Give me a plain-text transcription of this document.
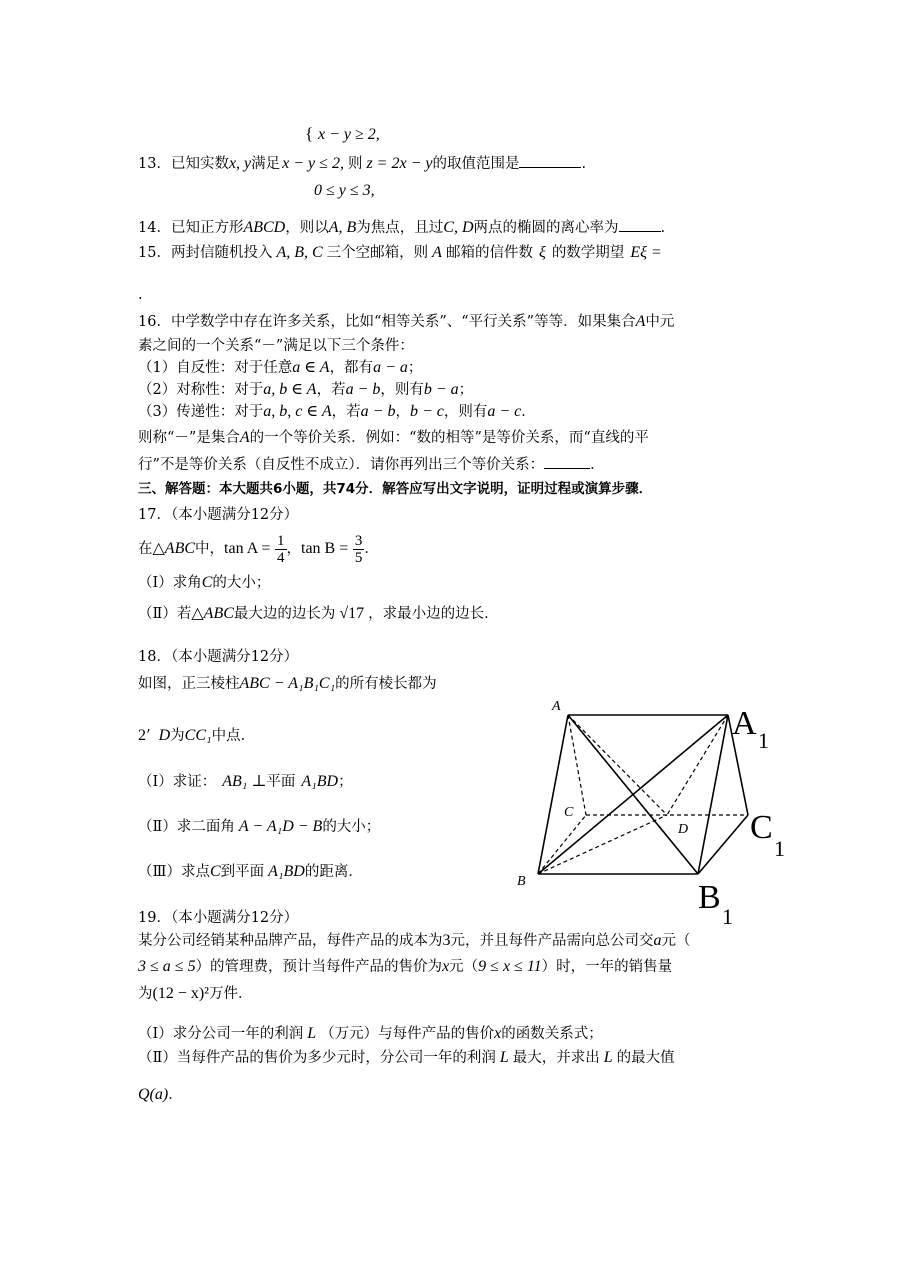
{ x − y ≥ 2,
13．已知实数x, y满足 x − y ≤ 2, 则 z = 2x − y的取值范围是	.
0 ≤ y ≤ 3,
14．已知正方形ABCD，则以A, B为焦点，且过C, D两点的椭圆的离心率为	.
15．两封信随机投入 A, B, C 三个空邮箱，则 A 邮箱的信件数 ξ 的数学期望 Eξ =
.
16．中学数学中存在许多关系，比如“相等关系”、“平行关系”等等．如果集合A中元
素之间的一个关系“－”满足以下三个条件：
（1）自反性：对于任意a ∈ A，都有a − a；
（2）对称性：对于a, b ∈ A，若a − b，则有b − a；
（3）传递性：对于a, b, c ∈ A，若a − b，b − c，则有a − c．
则称“－”是集合A的一个等价关系．例如：“数的相等”是等价关系，而“直线的平
行”不是等价关系（自反性不成立）．请你再列出三个等价关系：	．
三、解答题：本大题共6小题，共74分．解答应写出文字说明，证明过程或演算步骤．
17．（本小题满分12分）
在△ABC中，$\tan A = \frac{1}{4}$ ，$\tan B = \frac{3}{5}$ ．
（Ⅰ）求角C的大小；
（Ⅱ）若△ABC最大边的边长为 √17 ，求最小边的边长．
18．（本小题满分12分）
如图，正三棱柱ABC − A₁B₁C₁的所有棱长都为
2’ D为CC₁中点．
（Ⅰ）求证： AB₁ ⊥平面 A₁BD；
（Ⅱ）求二面角 A − A₁D − B的大小；
（Ⅲ）求点C到平面 A₁BD的距离．
A	A 1
B	B
1
C	C
1
D
19．（本小题满分12分）
某分公司经销某种品牌产品，每件产品的成本为3元，并且每件产品需向总公司交a元（
3 ≤ a ≤ 5）的管理费，预计当每件产品的售价为x元（9 ≤ x ≤ 11）时，一年的销售量
为(12 − x)²万件．
（Ⅰ）求分公司一年的利润 L （万元）与每件产品的售价x的函数关系式；
（Ⅱ）当每件产品的售价为多少元时，分公司一年的利润 L 最大，并求出 L 的最大值
Q(a)．
